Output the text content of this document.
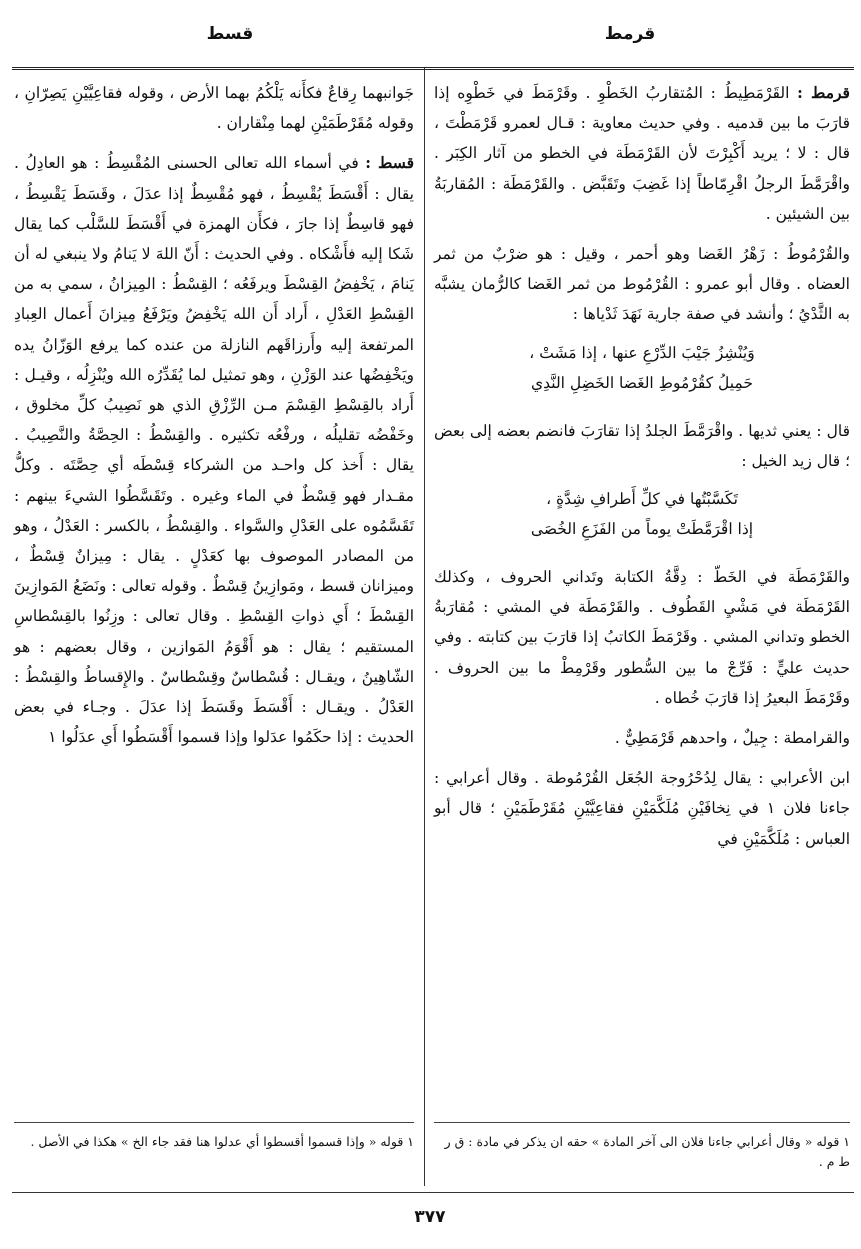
قرمط
قسط

قرمط : القَرْمَطِيطُ : المُتقاربُ الخَطْوِ . وقَرْمَطَ في خَطْوِه إذا قارَبَ ما بين قدميه . وفي حديث معاوية : قـال لعمرو قَرْمَطْتَ ، قال : لا ؛ يريد أَكْبِرْتَ لأن القَرْمَطَة في الخطو من آثار الكِبَر . واقْرَمَّطَ الرجلُ اقْرِمّاطاً إذا غَضِبَ وتَقَبَّض . والقَرْمَطَة : المُقاربَةُ بين الشيئين .

والقُرْمُوطُ : زَهْرُ الغَضا وهو أحمر ، وقيل : هو ضرْبٌ من ثمر العضاه . وقال أبو عمرو : القُرْمُوط من ثمر الغَضا كالرُّمان يشبَّه به الثَّدْيُ ؛ وأنشد في صفة جارية نَهَدَ ثَدْياها :

وَيُنْشِزُ جَيْبَ الدِّرْعِ عنها ، إذا مَشَتْ ،
حَمِيلُ كقُرْمُوطِ الغَضا الخَضِلِ النَّدِي

قال : يعني ثديها . واقْرَمَّطَ الجلدُ إذا تقارَبَ فانضم بعضه إلى بعض ؛ قال زيد الخيل :

تَكَسَّبْتُها في كلِّ أَطرافِ شِدَّةٍ ،
إذا اقْرَمَّطَتْ يوماً من الفَزَعِ الخُصَى

والقَرْمَطَة في الخَطّ : دِقَّةُ الكتابة وتَداني الحروف ، وكذلك القَرْمَطَة في مَشْيِ القَطُوف . والقَرْمَطَة في المشي : مُقارَبةُ الخطو وتداني المشي . وقَرْمَطَ الكاتبُ إذا قارَبَ بين كتابته . وفي حديث عليٍّ : فَرِّجْ ما بين السُّطور وقَرْمِطْ ما بين الحروف . وقَرْمَطَ البعيرُ إذا قارَبَ خُطاه .

والقرامطة : جِيلٌ ، واحدهم قَرْمَطِيٌّ .

ابن الأعرابي : يقال لِدُحْرُوجة الجُعَل القُرْمُوطة . وقال أعرابي : جاءنا فلان ١ في نِخافَيْنِ مُلَكَّمَيْنِ فقاعِيَّيْنِ مُقَرْطَمَيْنِ ؛ قال أبو العباس : مُلَكَّمَيْنِ في

جَوانبهما رِقاعٌ فكأَنه يَلْكُمُ بهما الأرض ، وقوله فقاعِيَّيْنِ يَصِرّانِ ، وقوله مُقَرْطَمَيْنِ لهما مِنْقاران .

قسط : في أسماء الله تعالى الحسنى المُقْسِطُ : هو العادِلُ . يقال : أَقْسَطَ يُقْسِطُ ، فهو مُقْسِطٌ إذا عدَلَ ، وقَسَطَ يَقْسِطُ ، فهو قاسِطٌ إذا جارَ ، فكأَن الهمزة في أَقْسَطَ للسَّلْب كما يقال شَكا إليه فأَشْكاه . وفي الحديث : أَنّ اللهَ لا يَنامُ ولا ينبغي له أن يَنامَ ، يَخْفِضُ القِسْطَ ويرفَعُه ؛ القِسْطُ : المِيزانُ ، سمي به من القِسْطِ العَدْلِ ، أَراد أَن الله يَخْفِضُ ويَرْفَعُ مِيزانَ أَعمال العِبادِ المرتفعة إليه وأَرزاقَهم النازلة من عنده كما يرفع الوَزّانُ يده ويَخْفِضُها عند الوَزْنِ ، وهو تمثيل لما يُقَدِّرُه الله ويُنْزِلُه ، وقيـل : أَراد بالقِسْطِ القِسْمَ مـن الرِّزْقِ الذي هو نَصِيبُ كلِّ مخلوق ، وخَفْضُه تقليلُه ، ورفْعُه تكثيره . والقِسْطُ : الحِصَّةُ والنَّصِيبُ . يقال : أَخذ كل واحـد من الشركاء قِسْطَه أي حِصَّتَه . وكلُّ مقـدار فهو قِسْطٌ في الماء وغيره . وتَقَسَّطُوا الشيءَ بينهم : تَقَسَّمُوه على العَدْلِ والسَّواء . والقِسْطُ ، بالكسر : العَدْلُ ، وهو من المصادر الموصوف بها كعَدْلٍ . يقال : مِيزانٌ قِسْطٌ ، وميزانان قسط ، ومَوازِينُ قِسْطٌ . وقوله تعالى : ونَضَعُ المَوازِينَ القِسْطَ ؛ أَي ذواتِ القِسْطِ . وقال تعالى : وزِنُوا بالقِسْطاسِ المستقيم ؛ يقال : هو أَقْوَمُ المَوازين ، وقال بعضهم : هو الشّاهِينُ ، ويقـال : قُسْطاسٌ وقِسْطاسٌ . والإِقساطُ والقِسْطُ : العَدْلُ . ويقـال : أَقْسَطَ وقَسَطَ إذا عدَلَ . وجـاء في بعض الحديث : إذا حكَمُوا عدَلوا وإذا قسموا أَقْسَطُوا أَي عدَلُوا ١

١ قوله « وقال أعرابي جاءنا فلان الى آخر المادة » حقه ان يذكر في مادة : ق ر ط م .
١ قوله « وإذا قسموا أقسطوا أي عدلوا هنا فقد جاء الخ » هكذا في الأصل .
٣٧٧
